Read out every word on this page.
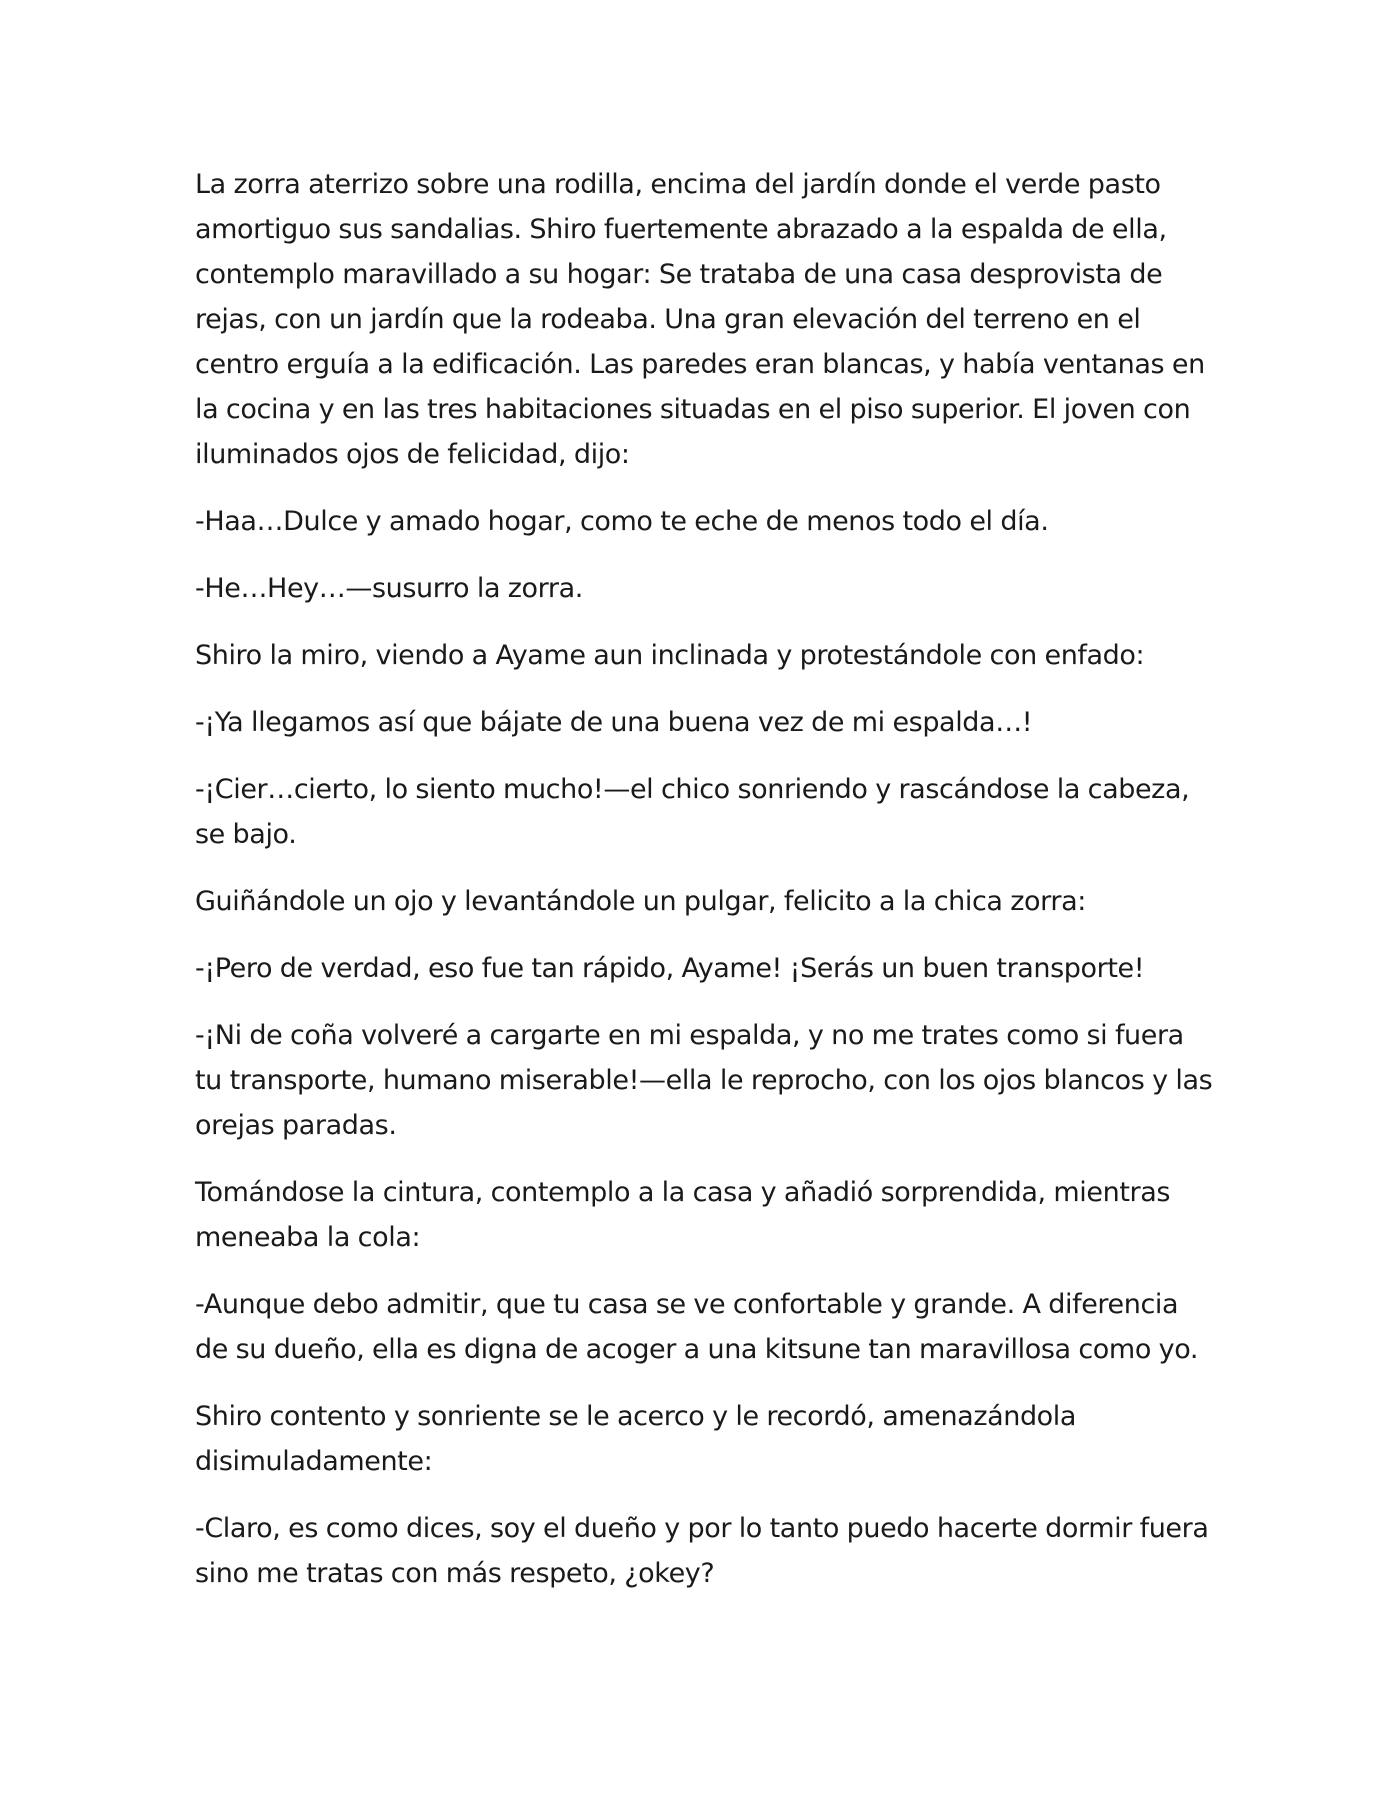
La zorra aterrizo sobre una rodilla, encima del jardín donde el verde pasto amortiguo sus sandalias. Shiro fuertemente abrazado a la espalda de ella, contemplo maravillado a su hogar: Se trataba de una casa desprovista de rejas, con un jardín que la rodeaba. Una gran elevación del terreno en el centro erguía a la edificación. Las paredes eran blancas, y había ventanas en la cocina y en las tres habitaciones situadas en el piso superior. El joven con iluminados ojos de felicidad, dijo:

-Haa…Dulce y amado hogar, como te eche de menos todo el día.

-He…Hey…—susurro la zorra.

Shiro la miro, viendo a Ayame aun inclinada y protestándole con enfado:

-¡Ya llegamos así que bájate de una buena vez de mi espalda…!

-¡Cier…cierto, lo siento mucho!—el chico sonriendo y rascándose la cabeza, se bajo.

Guiñándole un ojo y levantándole un pulgar, felicito a la chica zorra:

-¡Pero de verdad, eso fue tan rápido, Ayame! ¡Serás un buen transporte!

-¡Ni de coña volveré a cargarte en mi espalda, y no me trates como si fuera tu transporte, humano miserable!—ella le reprocho, con los ojos blancos y las orejas paradas.

Tomándose la cintura, contemplo a la casa y añadió sorprendida, mientras meneaba la cola:

-Aunque debo admitir, que tu casa se ve confortable y grande. A diferencia de su dueño, ella es digna de acoger a una kitsune tan maravillosa como yo.

Shiro contento y sonriente se le acerco y le recordó, amenazándola disimuladamente:

-Claro, es como dices, soy el dueño y por lo tanto puedo hacerte dormir fuera sino me tratas con más respeto, ¿okey?
